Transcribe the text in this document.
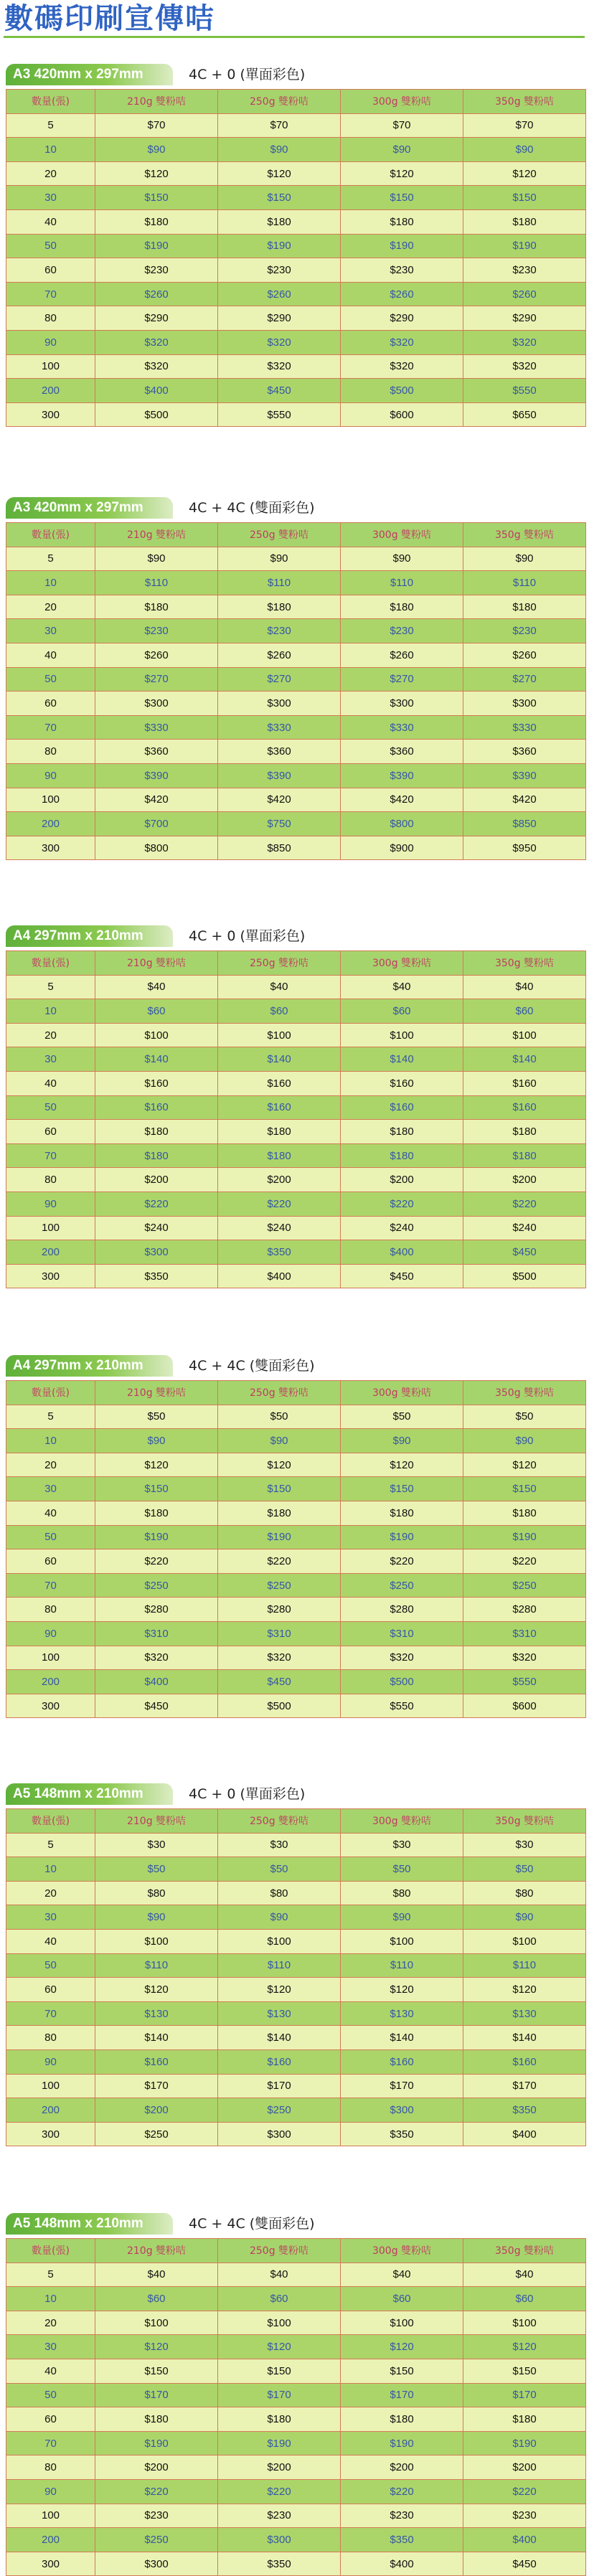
數碼印刷宣傳咭
A3 420mm x 297mm	4C + 0 (單面彩色)
數量(張)	210g 雙粉咭	250g 雙粉咭	300g 雙粉咭	350g 雙粉咭
5	$70	$70	$70	$70
10	$90	$90	$90	$90
20	$120	$120	$120	$120
30	$150	$150	$150	$150
40	$180	$180	$180	$180
50	$190	$190	$190	$190
60	$230	$230	$230	$230
70	$260	$260	$260	$260
80	$290	$290	$290	$290
90	$320	$320	$320	$320
100	$320	$320	$320	$320
200	$400	$450	$500	$550
300	$500	$550	$600	$650
A3 420mm x 297mm	4C + 4C (雙面彩色)
數量(張)	210g 雙粉咭	250g 雙粉咭	300g 雙粉咭	350g 雙粉咭
5	$90	$90	$90	$90
10	$110	$110	$110	$110
20	$180	$180	$180	$180
30	$230	$230	$230	$230
40	$260	$260	$260	$260
50	$270	$270	$270	$270
60	$300	$300	$300	$300
70	$330	$330	$330	$330
80	$360	$360	$360	$360
90	$390	$390	$390	$390
100	$420	$420	$420	$420
200	$700	$750	$800	$850
300	$800	$850	$900	$950
A4 297mm x 210mm	4C + 0 (單面彩色)
數量(張)	210g 雙粉咭	250g 雙粉咭	300g 雙粉咭	350g 雙粉咭
5	$40	$40	$40	$40
10	$60	$60	$60	$60
20	$100	$100	$100	$100
30	$140	$140	$140	$140
40	$160	$160	$160	$160
50	$160	$160	$160	$160
60	$180	$180	$180	$180
70	$180	$180	$180	$180
80	$200	$200	$200	$200
90	$220	$220	$220	$220
100	$240	$240	$240	$240
200	$300	$350	$400	$450
300	$350	$400	$450	$500
A4 297mm x 210mm	4C + 4C (雙面彩色)
數量(張)	210g 雙粉咭	250g 雙粉咭	300g 雙粉咭	350g 雙粉咭
5	$50	$50	$50	$50
10	$90	$90	$90	$90
20	$120	$120	$120	$120
30	$150	$150	$150	$150
40	$180	$180	$180	$180
50	$190	$190	$190	$190
60	$220	$220	$220	$220
70	$250	$250	$250	$250
80	$280	$280	$280	$280
90	$310	$310	$310	$310
100	$320	$320	$320	$320
200	$400	$450	$500	$550
300	$450	$500	$550	$600
A5 148mm x 210mm	4C + 0 (單面彩色)
數量(張)	210g 雙粉咭	250g 雙粉咭	300g 雙粉咭	350g 雙粉咭
5	$30	$30	$30	$30
10	$50	$50	$50	$50
20	$80	$80	$80	$80
30	$90	$90	$90	$90
40	$100	$100	$100	$100
50	$110	$110	$110	$110
60	$120	$120	$120	$120
70	$130	$130	$130	$130
80	$140	$140	$140	$140
90	$160	$160	$160	$160
100	$170	$170	$170	$170
200	$200	$250	$300	$350
300	$250	$300	$350	$400
A5 148mm x 210mm	4C + 4C (雙面彩色)
數量(張)	210g 雙粉咭	250g 雙粉咭	300g 雙粉咭	350g 雙粉咭
5	$40	$40	$40	$40
10	$60	$60	$60	$60
20	$100	$100	$100	$100
30	$120	$120	$120	$120
40	$150	$150	$150	$150
50	$170	$170	$170	$170
60	$180	$180	$180	$180
70	$190	$190	$190	$190
80	$200	$200	$200	$200
90	$220	$220	$220	$220
100	$230	$230	$230	$230
200	$250	$300	$350	$400
300	$300	$350	$400	$450
